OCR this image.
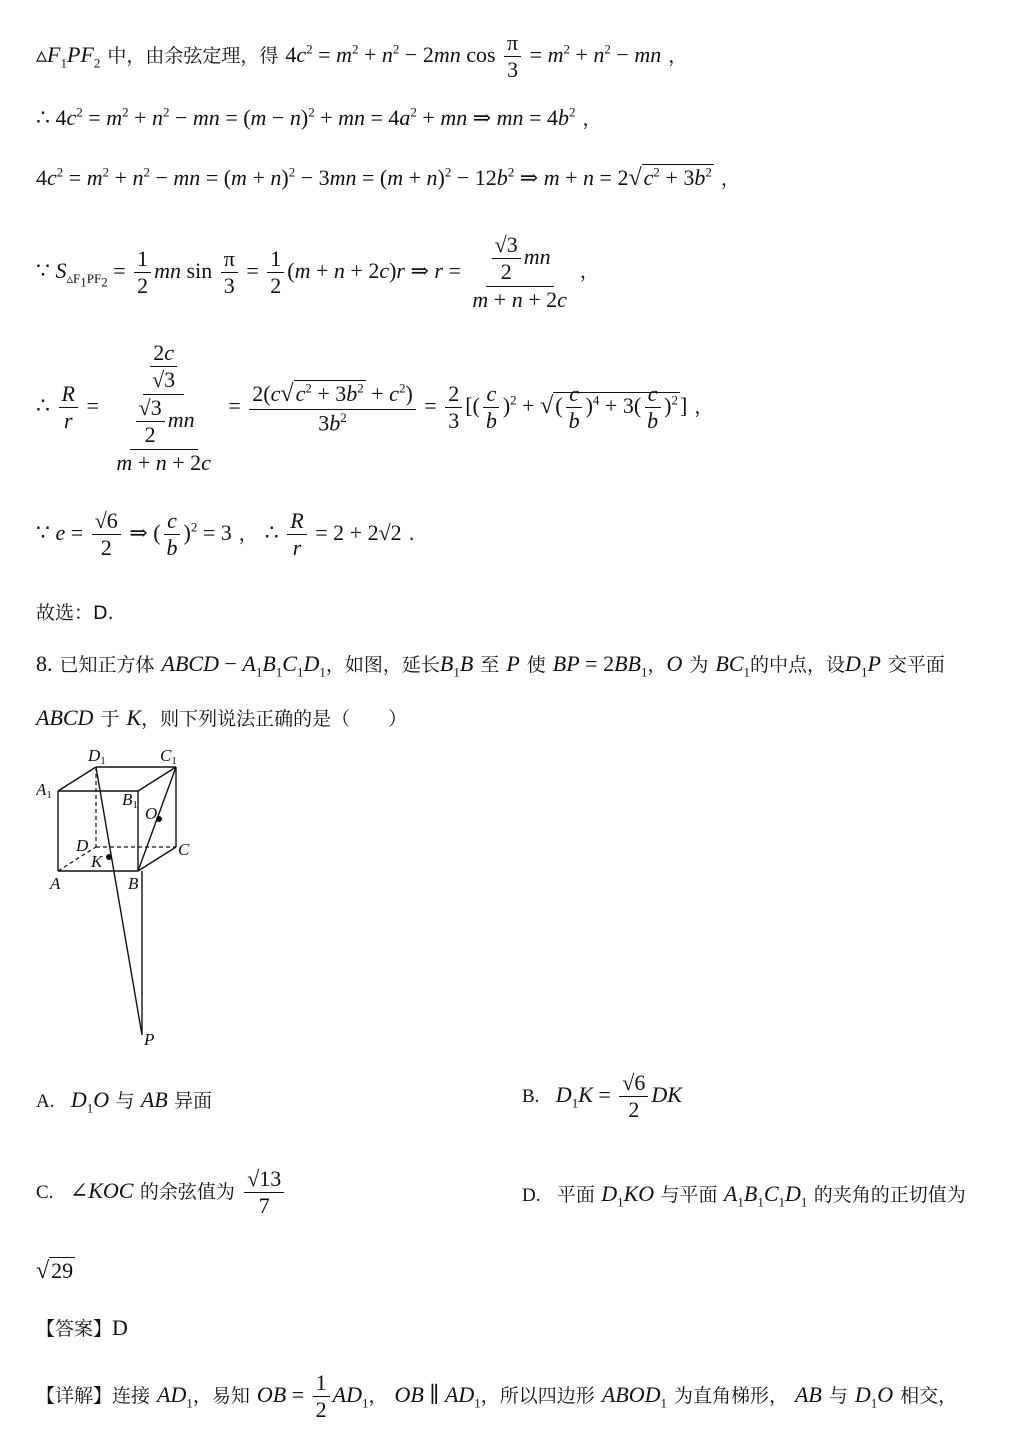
$▵F_1PF_2$ 中，由余弦定理，得 $4c^2 = m^2 + n^2 - 2mn$ $\cos \frac{\pi}{3} = m^2 + n^2$ − mn ，
∴ $4c^2 = m^2 + n^2$ − mn = $(m - n)^2$ + mn = $4a^2$ + mn ⇒ mn = $4b^2$ ，
$4c^2 = m^2 + n^2$ − mn = $(m + n)^2 - 3mn = (m + n)^2 - 12b^2$ ⇒ $m + n = 2√c^2 + 3b^2$ ，
∵ $S_{▵F_1PF_2} = \frac{1}{2}$ mn $\sin \frac{\pi}{3} = \frac{1}{2} (m + n + 2c)r$ ⇒ $r = \frac{\frac{√3}{2} mn}{m + n + 2c}$ ，
∴ $\frac{R}{r} = \frac{\frac{2c}{√3}}{\frac{\frac{√3}{2} mn}{m + n + 2c}} = \frac{2(c√c^2 + 3b^2 + c^2)}{3b^2} = \frac{2}{3}$ [( $\frac{c}{b} )^2$ + √( $\frac{c}{b} )^4 + 3( \frac{c}{b} )^2$] ，
∵ $e = \frac{√6}{2}$ ⇒ ( $\frac{c}{b} )^2 = 3$ ， ∴ $\frac{R}{r} = 2 + 2√2$ .
故选：D.
8. 已知正方体 ABCD − $A_1B_1C_1D_1$，如图，延长$B_1B$ 至 P 使 BP = $2BB_1$，O 为 $BC_1$的中点，设$D_1P$ 交平面
ABCD 于 K，则下列说法正确的是（　　）
D1	C1
A1	B1 O
D	C
K
A	B
P
A. $D_1O$ 与 AB 异面	B. $D_1K = \frac{√6}{2}$ DK
C. ∠KOC 的余弦值为 $\frac{√13}{7}$	D. 平面 $D_1KO$ 与平面 $A_1B_1C_1D_1$ 的夹角的正切值为
√29
【答案】D
【详解】连接 $AD_1$，易知 OB = $\frac{1}{2} AD_1$， OB ∥ $AD_1$，所以四边形 $ABOD_1$ 为直角梯形， AB 与 $D_1O$ 相交，
